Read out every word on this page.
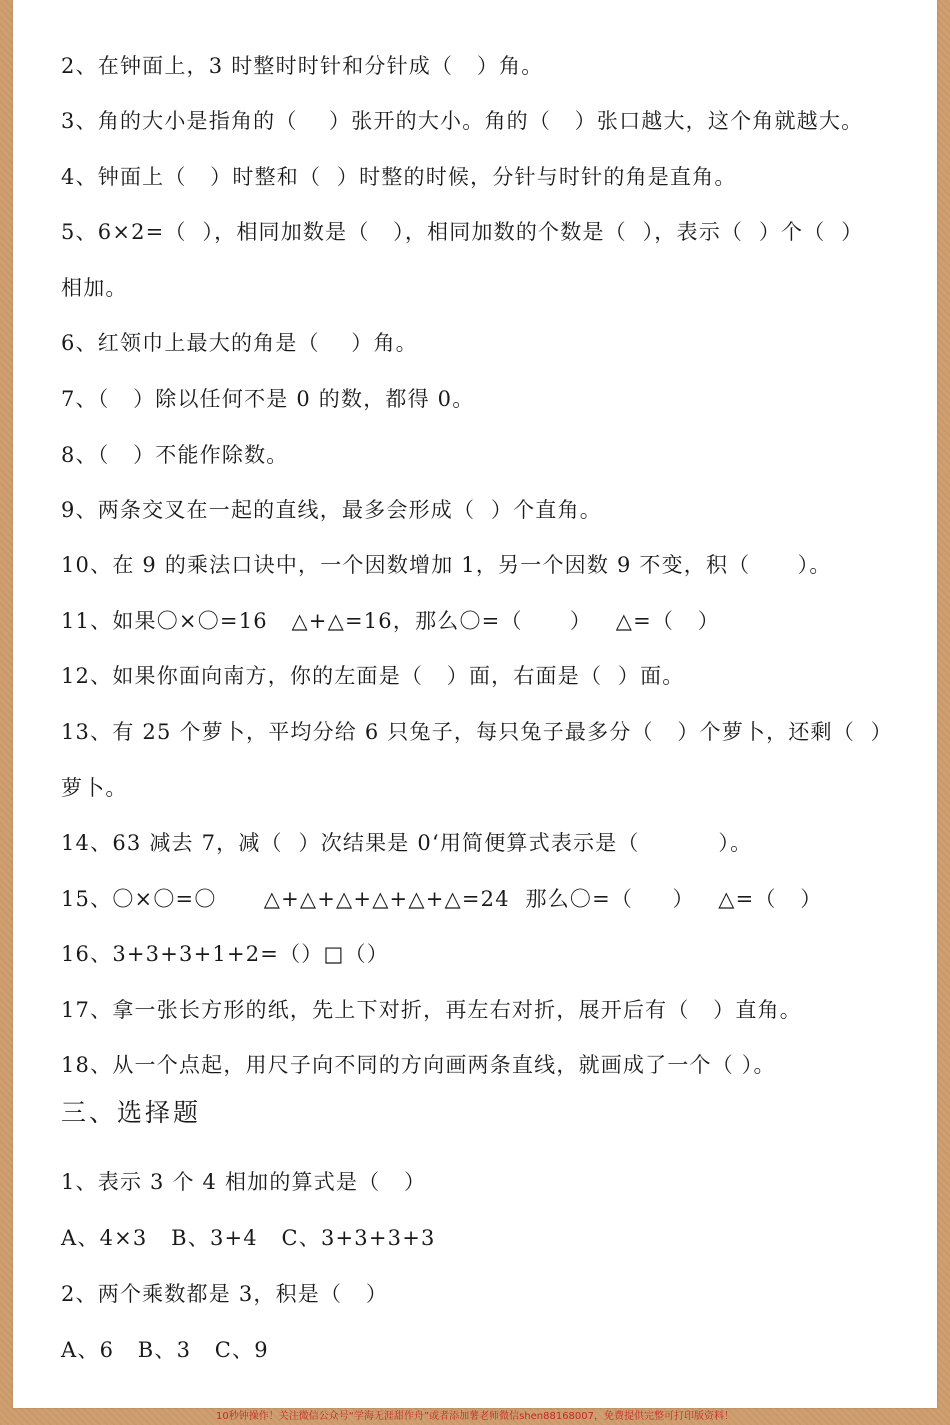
2、在钟面上，3 时整时时针和分针成（   ）角。
3、角的大小是指角的（    ）张开的大小。角的（   ）张口越大，这个角就越大。
4、钟面上（   ）时整和（  ）时整的时候，分针与时针的角是直角。
5、6×2=（  ），相同加数是（   ），相同加数的个数是（  ），表示（  ）个（  ）
相加。
6、红领巾上最大的角是（    ）角。
7、（   ）除以任何不是 0 的数，都得 0。
8、（   ）不能作除数。
9、两条交叉在一起的直线，最多会形成（  ）个直角。
10、在 9 的乘法口诀中，一个因数增加 1，另一个因数 9 不变，积（      ）。
11、如果〇×〇=16   △+△=16，那么〇=（      ）   △=（   ）
12、如果你面向南方，你的左面是（   ）面，右面是（  ）面。
13、有 25 个萝卜，平均分给 6 只兔子，每只兔子最多分（   ）个萝卜，还剩（  ）
萝卜。
14、63 减去 7，减（  ）次结果是 0‘用简便算式表示是（          ）。
15、〇×〇=〇      △+△+△+△+△+△=24  那么〇=（     ）   △=（   ）
16、3+3+3+1+2=（）□（）
17、拿一张长方形的纸，先上下对折，再左右对折，展开后有（   ）直角。
18、从一个点起，用尺子向不同的方向画两条直线，就画成了一个（ ）。
三、选择题
1、表示 3 个 4 相加的算式是（   ）
A、4×3   B、3+4   C、3+3+3+3
2、两个乘数都是 3，积是（   ）
A、6   B、3   C、9
10秒钟操作！关注微信公众号“学海无涯甜作舟”或者添加薯老师微信shen88168007，免费提供完整可打印版资料！
